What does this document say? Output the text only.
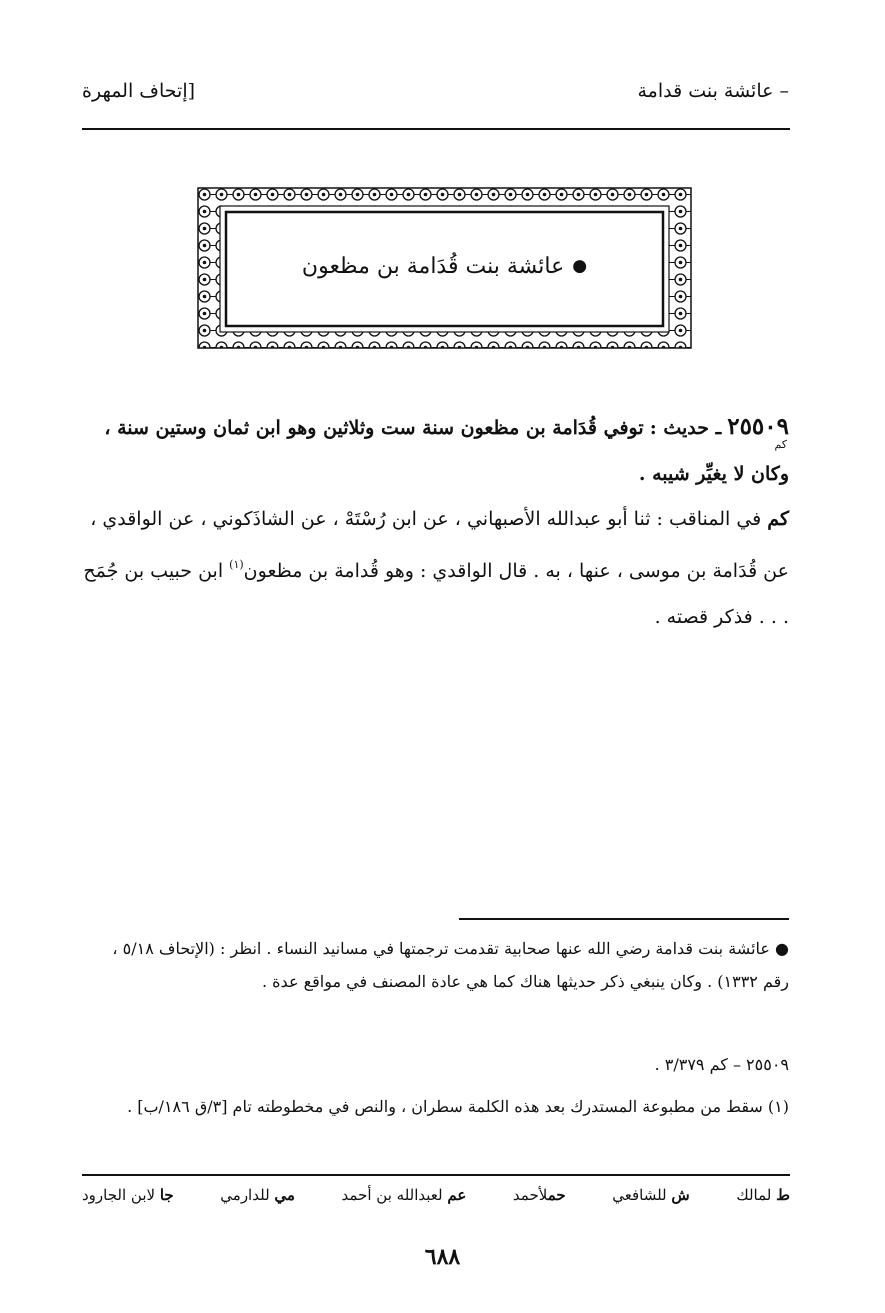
– عائشة بنت قدامة
[إتحاف المهرة
●
عائشة بنت قُدَامة بن مظعون
٢٥٥٠٩ ـ حديث : توفي قُدَامة بن مظعون سنة ست وثلاثين وهو ابن ثمان وستين سنة ، وكان لا يغيِّر شيبه .
كم
كم في المناقب : ثنا أبو عبدالله الأصبهاني ، عن ابن رُسْتَهْ ، عن الشاذَكوني ، عن الواقدي ، عن قُدَامة بن موسى ، عنها ، به . قال الواقدي : وهو قُدامة بن مظعون$^{(١)}$ ابن حبيب بن جُمَح . . . فذكر قصته .
● عائشة بنت قدامة رضي الله عنها صحابية تقدمت ترجمتها في مسانيد النساء . انظر : (الإتحاف ٥/١٨ ، رقم ١٣٣٢) . وكان ينبغي ذكر حديثها هناك كما هي عادة المصنف في مواقع عدة .
٢٥٥٠٩ – كم ٣/٣٧٩ .
(١) سقط من مطبوعة المستدرك بعد هذه الكلمة سطران ، والنص في مخطوطته تام [٣/ق ١٨٦/ب] .
ط لمالك
ش للشافعي
حملأحمد
عم لعبدالله بن أحمد
مي للدارمي
جا لابن الجارود
٦٨٨
